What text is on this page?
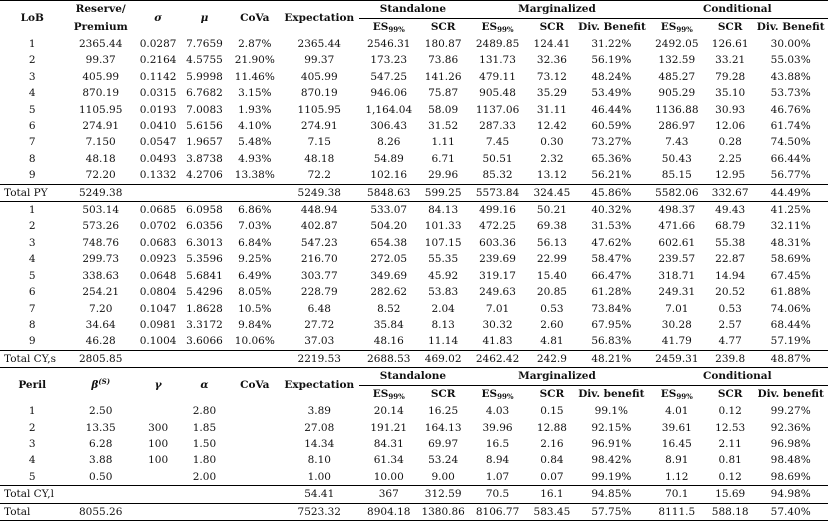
LoB	Reserve/	σ	μ	CoVa	Expectation	Standalone		Marginalized			Conditional		
	Premium					$ES_{99\%}$	SCR	$ES_{99\%}$	SCR	Div. Benefit	$ES_{99\%}$	SCR	Div. Benefit
1	2365.44	0.0287	7.7659	2.87%	2365.44	2546.31	180.87	2489.85	124.41	31.22%	2492.05	126.61	30.00%
2	99.37	0.2164	4.5755	21.90%	99.37	173.23	73.86	131.73	32.36	56.19%	132.59	33.21	55.03%
3	405.99	0.1142	5.9998	11.46%	405.99	547.25	141.26	479.11	73.12	48.24%	485.27	79.28	43.88%
4	870.19	0.0315	6.7682	3.15%	870.19	946.06	75.87	905.48	35.29	53.49%	905.29	35.10	53.73%
5	1105.95	0.0193	7.0083	1.93%	1105.95	1,164.04	58.09	1137.06	31.11	46.44%	1136.88	30.93	46.76%
6	274.91	0.0410	5.6156	4.10%	274.91	306.43	31.52	287.33	12.42	60.59%	286.97	12.06	61.74%
7	7.150	0.0547	1.9657	5.48%	7.15	8.26	1.11	7.45	0.30	73.27%	7.43	0.28	74.50%
8	48.18	0.0493	3.8738	4.93%	48.18	54.89	6.71	50.51	2.32	65.36%	50.43	2.25	66.44%
9	72.20	0.1332	4.2706	13.38%	72.2	102.16	29.96	85.32	13.12	56.21%	85.15	12.95	56.77%
Total PY	5249.38				5249.38	5848.63	599.25	5573.84	324.45	45.86%	5582.06	332.67	44.49%
1	503.14	0.0685	6.0958	6.86%	448.94	533.07	84.13	499.16	50.21	40.32%	498.37	49.43	41.25%
2	573.26	0.0702	6.0356	7.03%	402.87	504.20	101.33	472.25	69.38	31.53%	471.66	68.79	32.11%
3	748.76	0.0683	6.3013	6.84%	547.23	654.38	107.15	603.36	56.13	47.62%	602.61	55.38	48.31%
4	299.73	0.0923	5.3596	9.25%	216.70	272.05	55.35	239.69	22.99	58.47%	239.57	22.87	58.69%
5	338.63	0.0648	5.6841	6.49%	303.77	349.69	45.92	319.17	15.40	66.47%	318.71	14.94	67.45%
6	254.21	0.0804	5.4296	8.05%	228.79	282.62	53.83	249.63	20.85	61.28%	249.31	20.52	61.88%
7	7.20	0.1047	1.8628	10.5%	6.48	8.52	2.04	7.01	0.53	73.84%	7.01	0.53	74.06%
8	34.64	0.0981	3.3172	9.84%	27.72	35.84	8.13	30.32	2.60	67.95%	30.28	2.57	68.44%
9	46.28	0.1004	3.6066	10.06%	37.03	48.16	11.14	41.83	4.81	56.83%	41.79	4.77	57.19%
Total CY,s	2805.85				2219.53	2688.53	469.02	2462.42	242.9	48.21%	2459.31	239.8	48.87%
Peril	$\beta^{(S)}$	γ	α	CoVa	Expectation	Standalone		Marginalized			Conditional		
						$ES_{99\%}$	SCR	$ES_{99\%}$	SCR	Div. benefit	$ES_{99\%}$	SCR	Div. benefit
1	2.50		2.80		3.89	20.14	16.25	4.03	0.15	99.1%	4.01	0.12	99.27%
2	13.35	300	1.85		27.08	191.21	164.13	39.96	12.88	92.15%	39.61	12.53	92.36%
3	6.28	100	1.50		14.34	84.31	69.97	16.5	2.16	96.91%	16.45	2.11	96.98%
4	3.88	100	1.80		8.10	61.34	53.24	8.94	0.84	98.42%	8.91	0.81	98.48%
5	0.50		2.00		1.00	10.00	9.00	1.07	0.07	99.19%	1.12	0.12	98.69%
Total CY,l					54.41	367	312.59	70.5	16.1	94.85%	70.1	15.69	94.98%
Total	8055.26				7523.32	8904.18	1380.86	8106.77	583.45	57.75%	8111.5	588.18	57.40%
